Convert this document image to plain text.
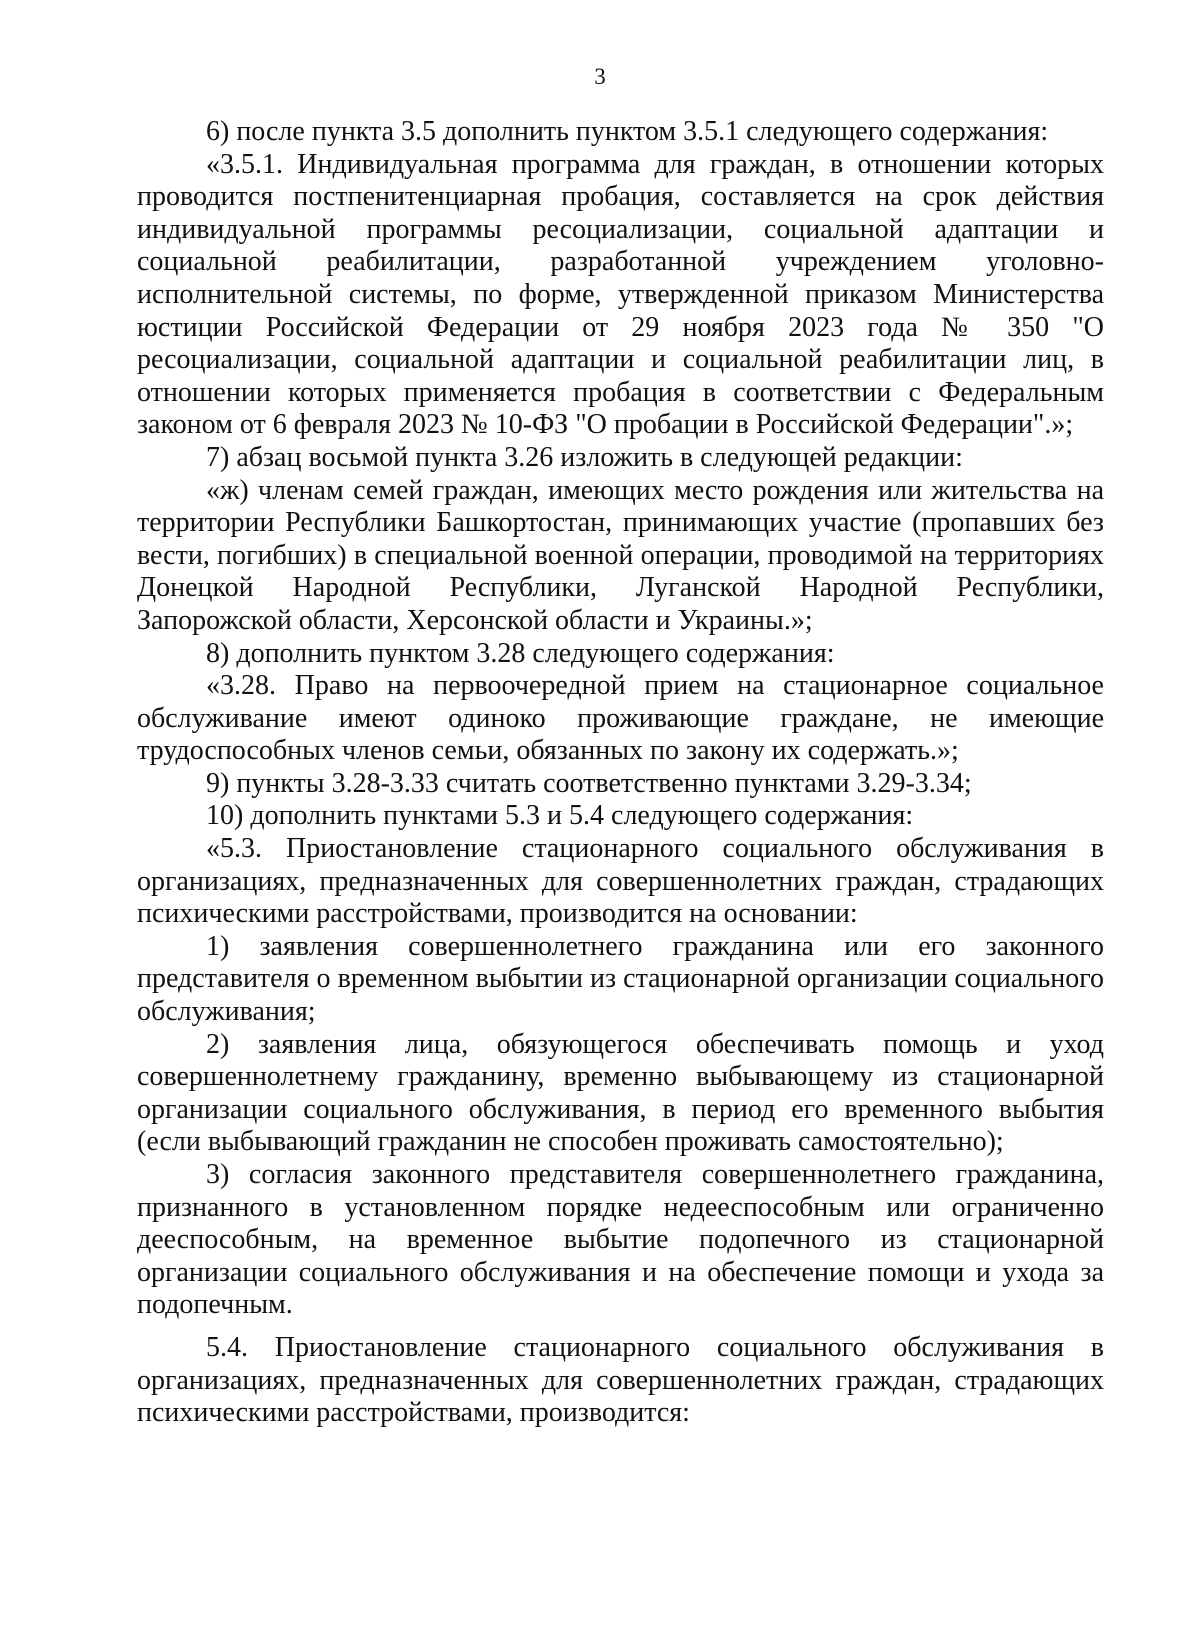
3

6) после пункта 3.5 дополнить пунктом 3.5.1 следующего содержания:

«3.5.1. Индивидуальная программа для граждан, в отношении которых проводится постпенитенциарная пробация, составляется на срок действия индивидуальной программы ресоциализации, социальной адаптации и социальной реабилитации, разработанной учреждением уголовно-исполнительной системы, по форме, утвержденной приказом Министерства юстиции Российской Федерации от 29 ноября 2023 года № 350 "О ресоциализации, социальной адаптации и социальной реабилитации лиц, в отношении которых применяется пробация в соответствии с Федеральным законом от 6 февраля 2023 № 10-ФЗ "О пробации в Российской Федерации".»;

7) абзац восьмой пункта 3.26 изложить в следующей редакции:

«ж) членам семей граждан, имеющих место рождения или жительства на территории Республики Башкортостан, принимающих участие (пропавших без вести, погибших) в специальной военной операции, проводимой на территориях Донецкой Народной Республики, Луганской Народной Республики, Запорожской области, Херсонской области и Украины.»;

8) дополнить пунктом 3.28 следующего содержания:

«3.28. Право на первоочередной прием на стационарное социальное обслуживание имеют одиноко проживающие граждане, не имеющие трудоспособных членов семьи, обязанных по закону их содержать.»;

9) пункты 3.28-3.33 считать соответственно пунктами 3.29-3.34;

10) дополнить пунктами 5.3 и 5.4 следующего содержания:

«5.3. Приостановление стационарного социального обслуживания в организациях, предназначенных для совершеннолетних граждан, страдающих психическими расстройствами, производится на основании:

1) заявления совершеннолетнего гражданина или его законного представителя о временном выбытии из стационарной организации социального обслуживания;

2) заявления лица, обязующегося обеспечивать помощь и уход совершеннолетнему гражданину, временно выбывающему из стационарной организации социального обслуживания, в период его временного выбытия (если выбывающий гражданин не способен проживать самостоятельно);

3) согласия законного представителя совершеннолетнего гражданина, признанного в установленном порядке недееспособным или ограниченно дееспособным, на временное выбытие подопечного из стационарной организации социального обслуживания и на обеспечение помощи и ухода за подопечным.

5.4. Приостановление стационарного социального обслуживания в организациях, предназначенных для совершеннолетних граждан, страдающих психическими расстройствами, производится:
